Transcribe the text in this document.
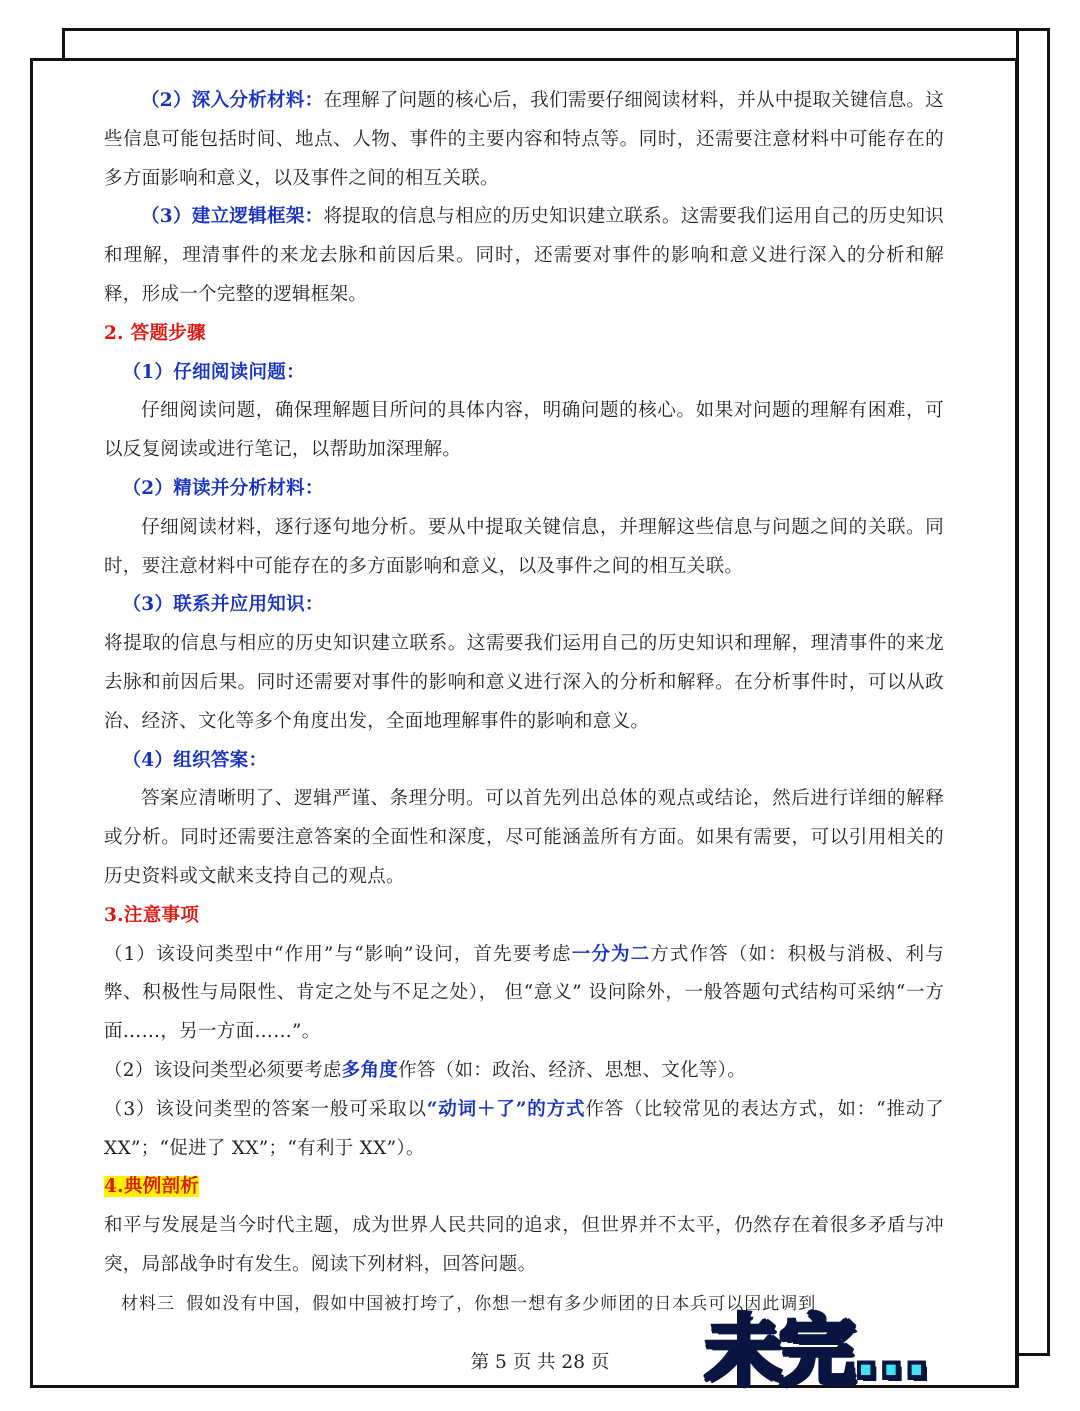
（2）深入分析材料：在理解了问题的核心后，我们需要仔细阅读材料，并从中提取关键信息。这些信息可能包括时间、地点、人物、事件的主要内容和特点等。同时，还需要注意材料中可能存在的多方面影响和意义，以及事件之间的相互关联。

（3）建立逻辑框架：将提取的信息与相应的历史知识建立联系。这需要我们运用自己的历史知识和理解，理清事件的来龙去脉和前因后果。同时，还需要对事件的影响和意义进行深入的分析和解释，形成一个完整的逻辑框架。

2. 答题步骤

（1）仔细阅读问题：

仔细阅读问题，确保理解题目所问的具体内容，明确问题的核心。如果对问题的理解有困难，可以反复阅读或进行笔记，以帮助加深理解。

（2）精读并分析材料：

仔细阅读材料，逐行逐句地分析。要从中提取关键信息，并理解这些信息与问题之间的关联。同时，要注意材料中可能存在的多方面影响和意义，以及事件之间的相互关联。

（3）联系并应用知识：

将提取的信息与相应的历史知识建立联系。这需要我们运用自己的历史知识和理解，理清事件的来龙去脉和前因后果。同时还需要对事件的影响和意义进行深入的分析和解释。在分析事件时，可以从政治、经济、文化等多个角度出发，全面地理解事件的影响和意义。

（4）组织答案：

答案应清晰明了、逻辑严谨、条理分明。可以首先列出总体的观点或结论，然后进行详细的解释或分析。同时还需要注意答案的全面性和深度，尽可能涵盖所有方面。如果有需要，可以引用相关的历史资料或文献来支持自己的观点。

3.注意事项

（1）该设问类型中“作用”与“影响”设问，首先要考虑一分为二方式作答（如：积极与消极、利与弊、积极性与局限性、肯定之处与不足之处）， 但“意义” 设问除外，一般答题句式结构可采纳“一方面……，另一方面……”。

（2）该设问类型必须要考虑多角度作答（如：政治、经济、思想、文化等）。

（3）该设问类型的答案一般可采取以“动词＋了”的方式作答（比较常见的表达方式，如：“推动了 XX”；“促进了 XX”；“有利于 XX”）。

4.典例剖析

和平与发展是当今时代主题，成为世界人民共同的追求，但世界并不太平，仍然存在着很多矛盾与冲突，局部战争时有发生。阅读下列材料，回答问题。

材料三 假如没有中国，假如中国被打垮了，你想一想有多少师团的日本兵可以因此调到

第 5 页 共 28 页	未完…
